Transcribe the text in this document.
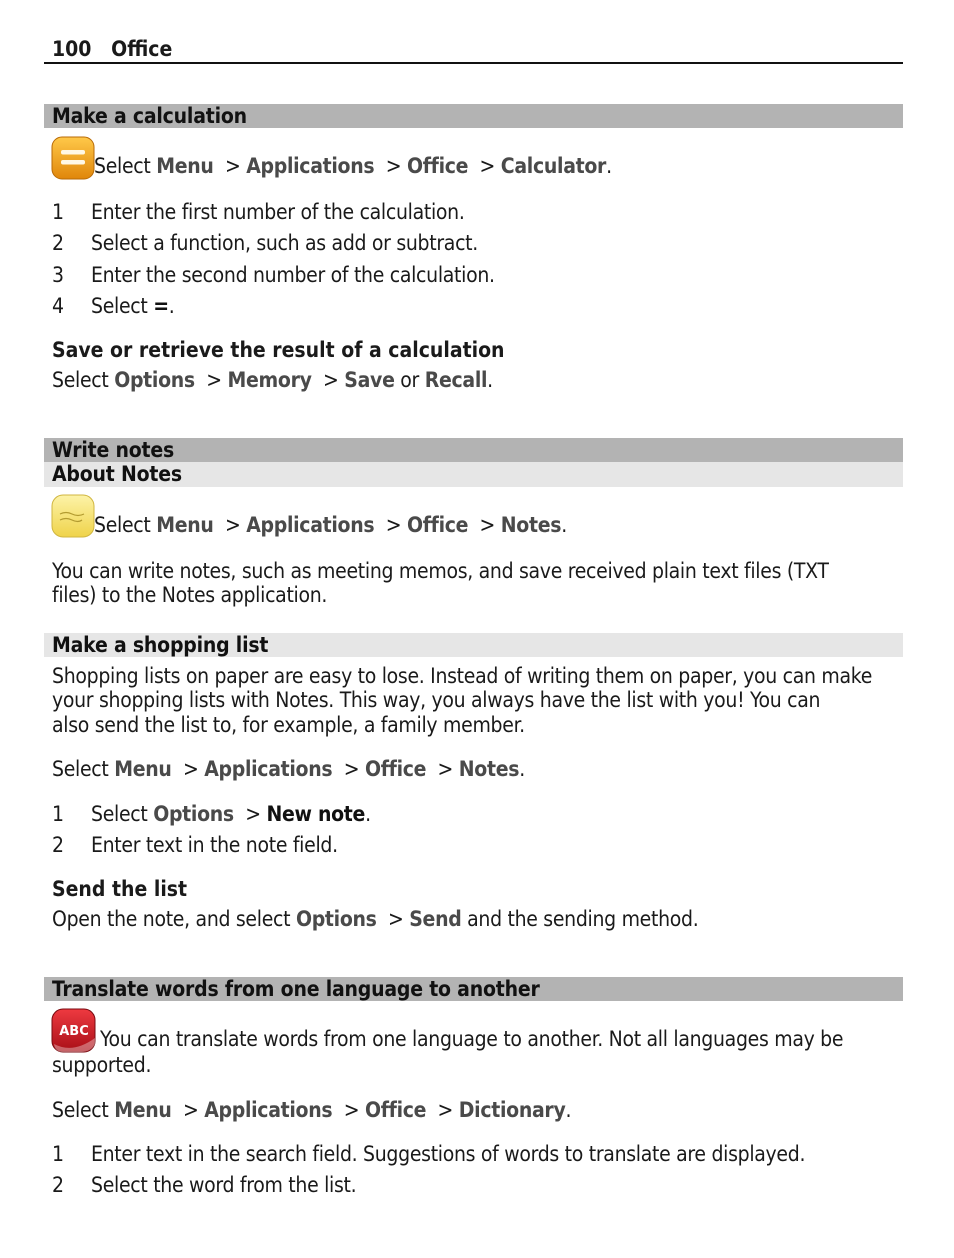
100 Office
Make a calculation
Select Menu  > Applications  > Office  > Calculator.
1 Enter the first number of the calculation.
2 Select a function, such as add or subtract.
3 Enter the second number of the calculation.
4 Select =.
Save or retrieve the result of a calculation
Select Options  > Memory  > Save or Recall.
Write notes
About Notes
Select Menu  > Applications  > Office  > Notes.
You can write notes, such as meeting memos, and save received plain text files (TXT
files) to the Notes application.
Make a shopping list
Shopping lists on paper are easy to lose. Instead of writing them on paper, you can make
your shopping lists with Notes. This way, you always have the list with you! You can
also send the list to, for example, a family member.
Select Menu  > Applications  > Office  > Notes.
1 Select Options  > New note.
2 Enter text in the note field.
Send the list
Open the note, and select Options  > Send and the sending method.
Translate words from one language to another
ABC You can translate words from one language to another. Not all languages may be
supported.
Select Menu  > Applications  > Office  > Dictionary.
1 Enter text in the search field. Suggestions of words to translate are displayed.
2 Select the word from the list.
